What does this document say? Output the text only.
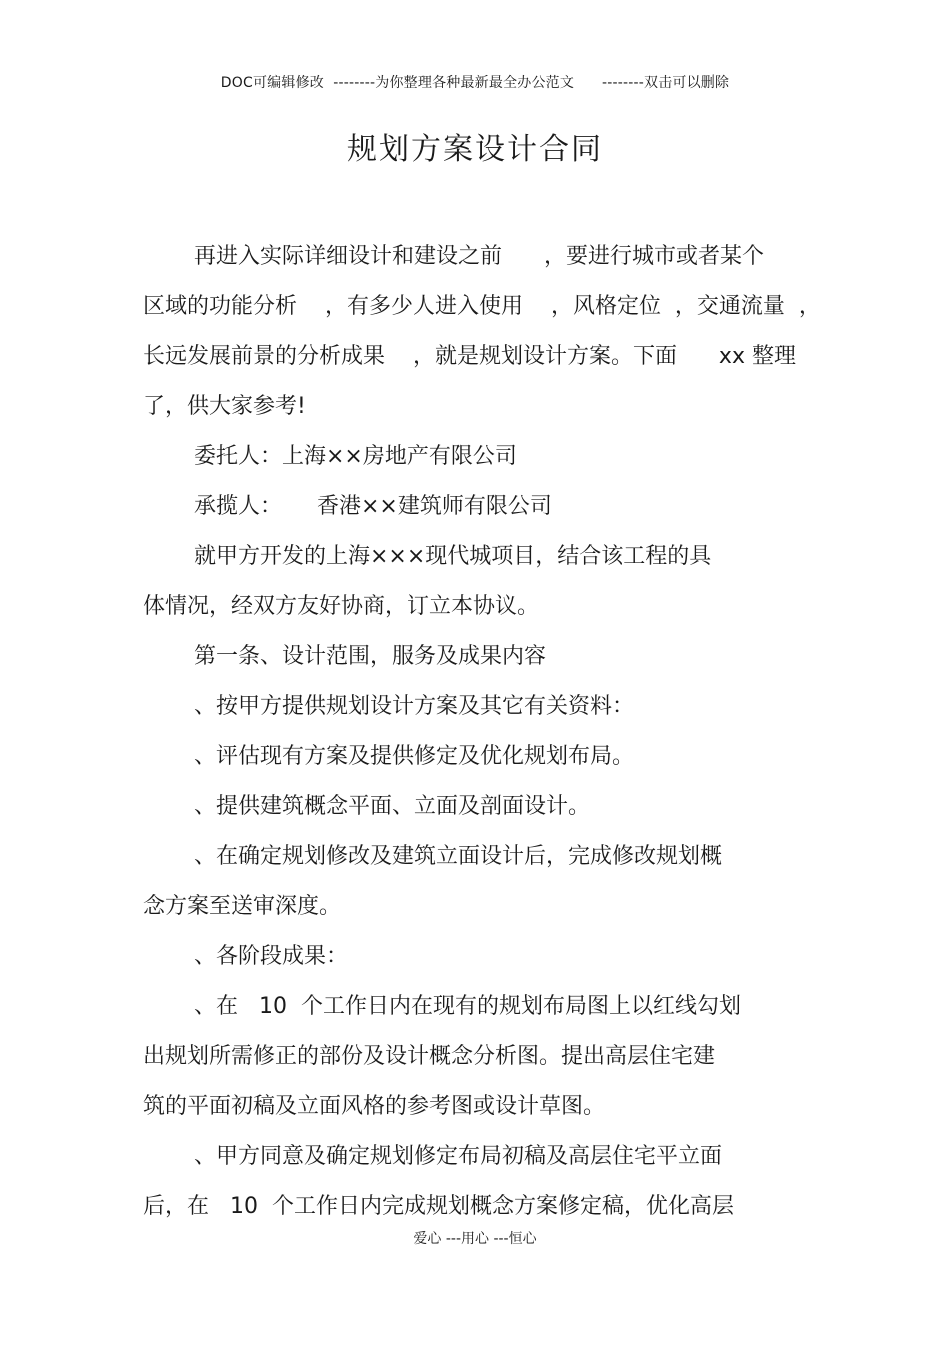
DOC可编辑修改  --------为你整理各种最新最全办公范文      --------双击可以删除
规划方案设计合同
再进入实际详细设计和建设之前      ，要进行城市或者某个
区域的功能分析    ，有多少人进入使用    ，风格定位  ，交通流量  ，
长远发展前景的分析成果    ，就是规划设计方案。下面      xx 整理
了，供大家参考!
委托人：上海××房地产有限公司
承揽人：     香港××建筑师有限公司
就甲方开发的上海×××现代城项目，结合该工程的具
体情况，经双方友好协商，订立本协议。
第一条、设计范围，服务及成果内容
、按甲方提供规划设计方案及其它有关资料：
、评估现有方案及提供修定及优化规划布局。
、提供建筑概念平面、立面及剖面设计。
、在确定规划修改及建筑立面设计后，完成修改规划概
念方案至送审深度。
、各阶段成果：
、在   10  个工作日内在现有的规划布局图上以红线勾划
出规划所需修正的部份及设计概念分析图。提出高层住宅建
筑的平面初稿及立面风格的参考图或设计草图。
、甲方同意及确定规划修定布局初稿及高层住宅平立面
后，在   10  个工作日内完成规划概念方案修定稿，优化高层
爱心 ---用心 ---恒心
